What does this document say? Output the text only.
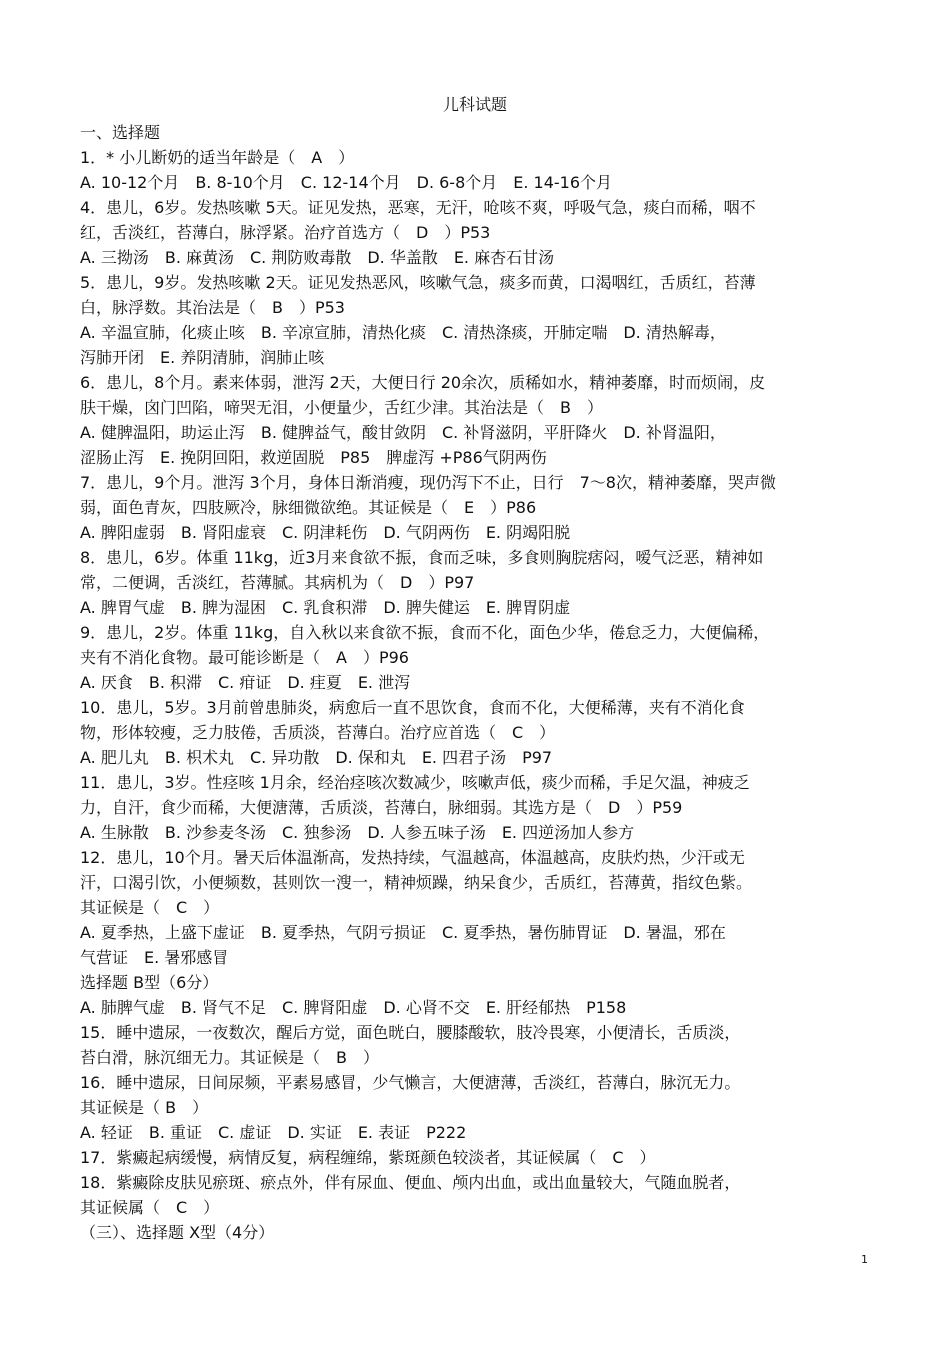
儿科试题
一、选择题
1．* 小儿断奶的适当年龄是（　A　）
A. 10-12个月　B. 8-10个月　C. 12-14个月　D. 6-8个月　E. 14-16个月
4．患儿，6岁。发热咳嗽 5天。证见发热，恶寒，无汗，呛咳不爽，呼吸气急，痰白而稀，咽不
红，舌淡红，苔薄白，脉浮紧。治疗首选方（　D　）P53
A. 三拗汤　B. 麻黄汤　C. 荆防败毒散　D. 华盖散　E. 麻杏石甘汤
5．患儿，9岁。发热咳嗽 2天。证见发热恶风，咳嗽气急，痰多而黄，口渴咽红，舌质红，苔薄
白，脉浮数。其治法是（　B　）P53
A. 辛温宣肺，化痰止咳　B. 辛凉宣肺，清热化痰　C. 清热涤痰，开肺定喘　D. 清热解毒，
泻肺开闭　E. 养阴清肺，润肺止咳
6．患儿，8个月。素来体弱，泄泻 2天，大便日行 20余次，质稀如水，精神萎靡，时而烦闹，皮
肤干燥，囟门凹陷，啼哭无泪，小便量少，舌红少津。其治法是（　B　）
A. 健脾温阳，助运止泻　B. 健脾益气，酸甘敛阴　C. 补肾滋阴，平肝降火　D. 补肾温阳，
涩肠止泻　E. 挽阴回阳，救逆固脱　P85　脾虚泻 +P86气阴两伤
7．患儿，9个月。泄泻 3个月，身体日渐消瘦，现仍泻下不止，日行　7～8次，精神萎靡，哭声微
弱，面色青灰，四肢厥冷，脉细微欲绝。其证候是（　E　）P86
A. 脾阳虚弱　B. 肾阳虚衰　C. 阴津耗伤　D. 气阴两伤　E. 阴竭阳脱
8．患儿，6岁。体重 11kg，近3月来食欲不振，食而乏味，多食则胸脘痞闷，嗳气泛恶，精神如
常，二便调，舌淡红，苔薄腻。其病机为（　D　）P97
A. 脾胃气虚　B. 脾为湿困　C. 乳食积滞　D. 脾失健运　E. 脾胃阴虚
9．患儿，2岁。体重 11kg，自入秋以来食欲不振，食而不化，面色少华，倦怠乏力，大便偏稀，
夹有不消化食物。最可能诊断是（　A　）P96
A. 厌食　B. 积滞　C. 疳证　D. 疰夏　E. 泄泻
10．患儿，5岁。3月前曾患肺炎，病愈后一直不思饮食，食而不化，大便稀薄，夹有不消化食
物，形体较瘦，乏力肢倦，舌质淡，苔薄白。治疗应首选（　C　）
A. 肥儿丸　B. 枳术丸　C. 异功散　D. 保和丸　E. 四君子汤　P97
11．患儿，3岁。性痉咳 1月余，经治痉咳次数减少，咳嗽声低，痰少而稀，手足欠温，神疲乏
力，自汗，食少而稀，大便溏薄，舌质淡，苔薄白，脉细弱。其选方是（　D　）P59
A. 生脉散　B. 沙参麦冬汤　C. 独参汤　D. 人参五味子汤　E. 四逆汤加人参方
12．患儿，10个月。暑天后体温渐高，发热持续，气温越高，体温越高，皮肤灼热，少汗或无
汗，口渴引饮，小便频数，甚则饮一溲一，精神烦躁，纳呆食少，舌质红，苔薄黄，指纹色紫。
其证候是（　C　）
A. 夏季热，上盛下虚证　B. 夏季热，气阴亏损证　C. 夏季热，暑伤肺胃证　D. 暑温，邪在
气营证　E. 暑邪感冒
选择题 B型（6分）
A. 肺脾气虚　B. 肾气不足　C. 脾肾阳虚　D. 心肾不交　E. 肝经郁热　P158
15．睡中遗尿，一夜数次，醒后方觉，面色晄白，腰膝酸软，肢冷畏寒，小便清长，舌质淡，
苔白滑，脉沉细无力。其证候是（　B　）
16．睡中遗尿，日间尿频，平素易感冒，少气懒言，大便溏薄，舌淡红，苔薄白，脉沉无力。
其证候是（ B　）
A. 轻证　B. 重证　C. 虚证　D. 实证　E. 表证　P222
17．紫癜起病缓慢，病情反复，病程缠绵，紫斑颜色较淡者，其证候属（　C　）
18．紫癜除皮肤见瘀斑、瘀点外，伴有尿血、便血、颅内出血，或出血量较大，气随血脱者，
其证候属（　C　）
（三）、选择题 X型（4分）
1
